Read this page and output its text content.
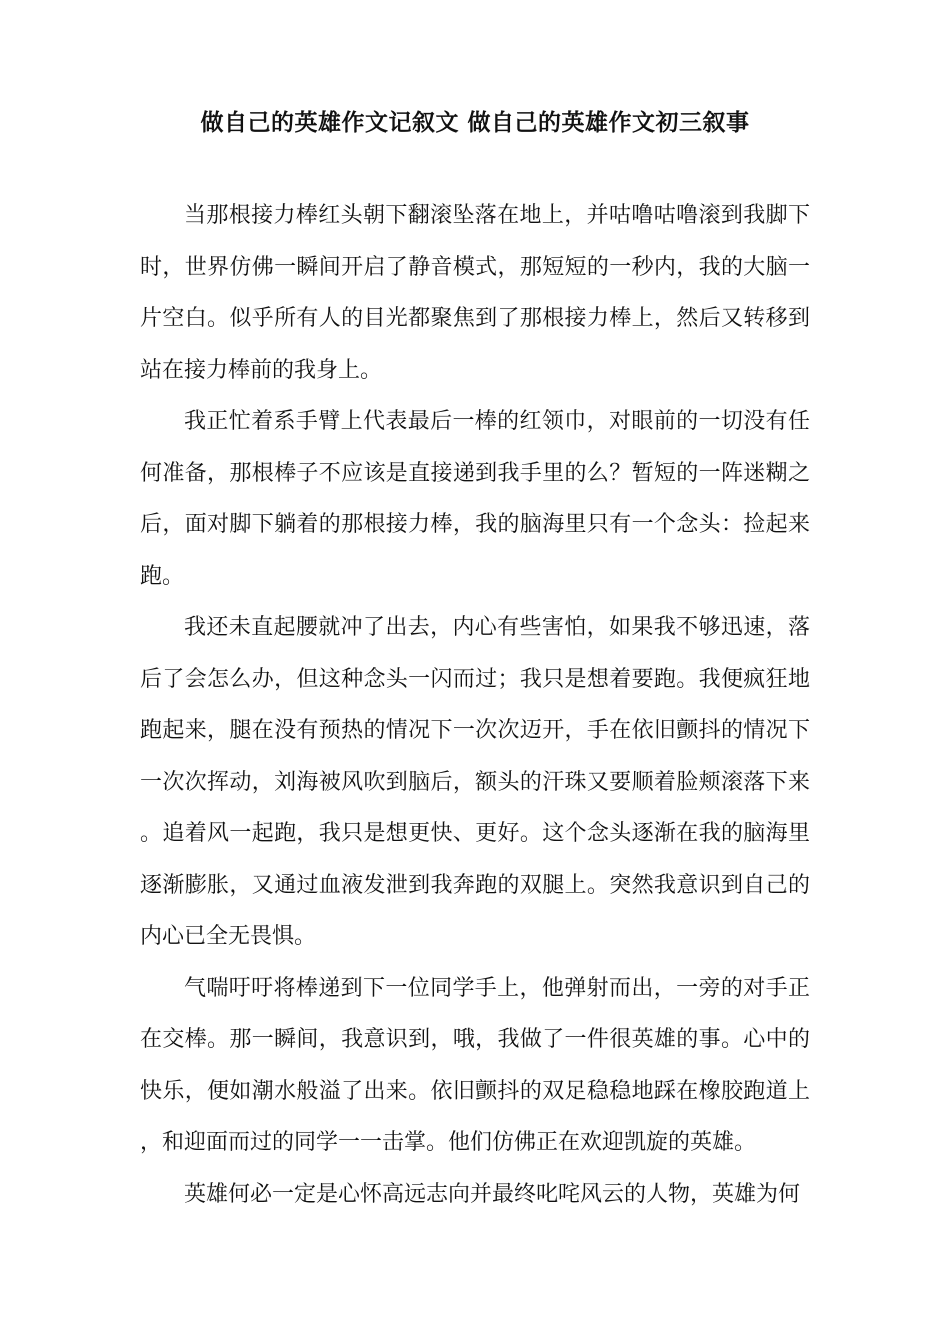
做自己的英雄作文记叙文 做自己的英雄作文初三叙事

当那根接力棒红头朝下翻滚坠落在地上，并咕噜咕噜滚到我脚下时，世界仿佛一瞬间开启了静音模式，那短短的一秒内，我的大脑一片空白。似乎所有人的目光都聚焦到了那根接力棒上，然后又转移到站在接力棒前的我身上。

我正忙着系手臂上代表最后一棒的红领巾，对眼前的一切没有任何准备，那根棒子不应该是直接递到我手里的么？暂短的一阵迷糊之后，面对脚下躺着的那根接力棒，我的脑海里只有一个念头：捡起来跑。

我还未直起腰就冲了出去，内心有些害怕，如果我不够迅速，落后了会怎么办，但这种念头一闪而过；我只是想着要跑。我便疯狂地跑起来，腿在没有预热的情况下一次次迈开，手在依旧颤抖的情况下一次次挥动，刘海被风吹到脑后，额头的汗珠又要顺着脸颊滚落下来。追着风一起跑，我只是想更快、更好。这个念头逐渐在我的脑海里逐渐膨胀，又通过血液发泄到我奔跑的双腿上。突然我意识到自己的内心已全无畏惧。

气喘吁吁将棒递到下一位同学手上，他弹射而出，一旁的对手正在交棒。那一瞬间，我意识到，哦，我做了一件很英雄的事。心中的快乐，便如潮水般溢了出来。依旧颤抖的双足稳稳地踩在橡胶跑道上，和迎面而过的同学一一击掌。他们仿佛正在欢迎凯旋的英雄。

英雄何必一定是心怀高远志向并最终叱咤风云的人物，英雄为何
